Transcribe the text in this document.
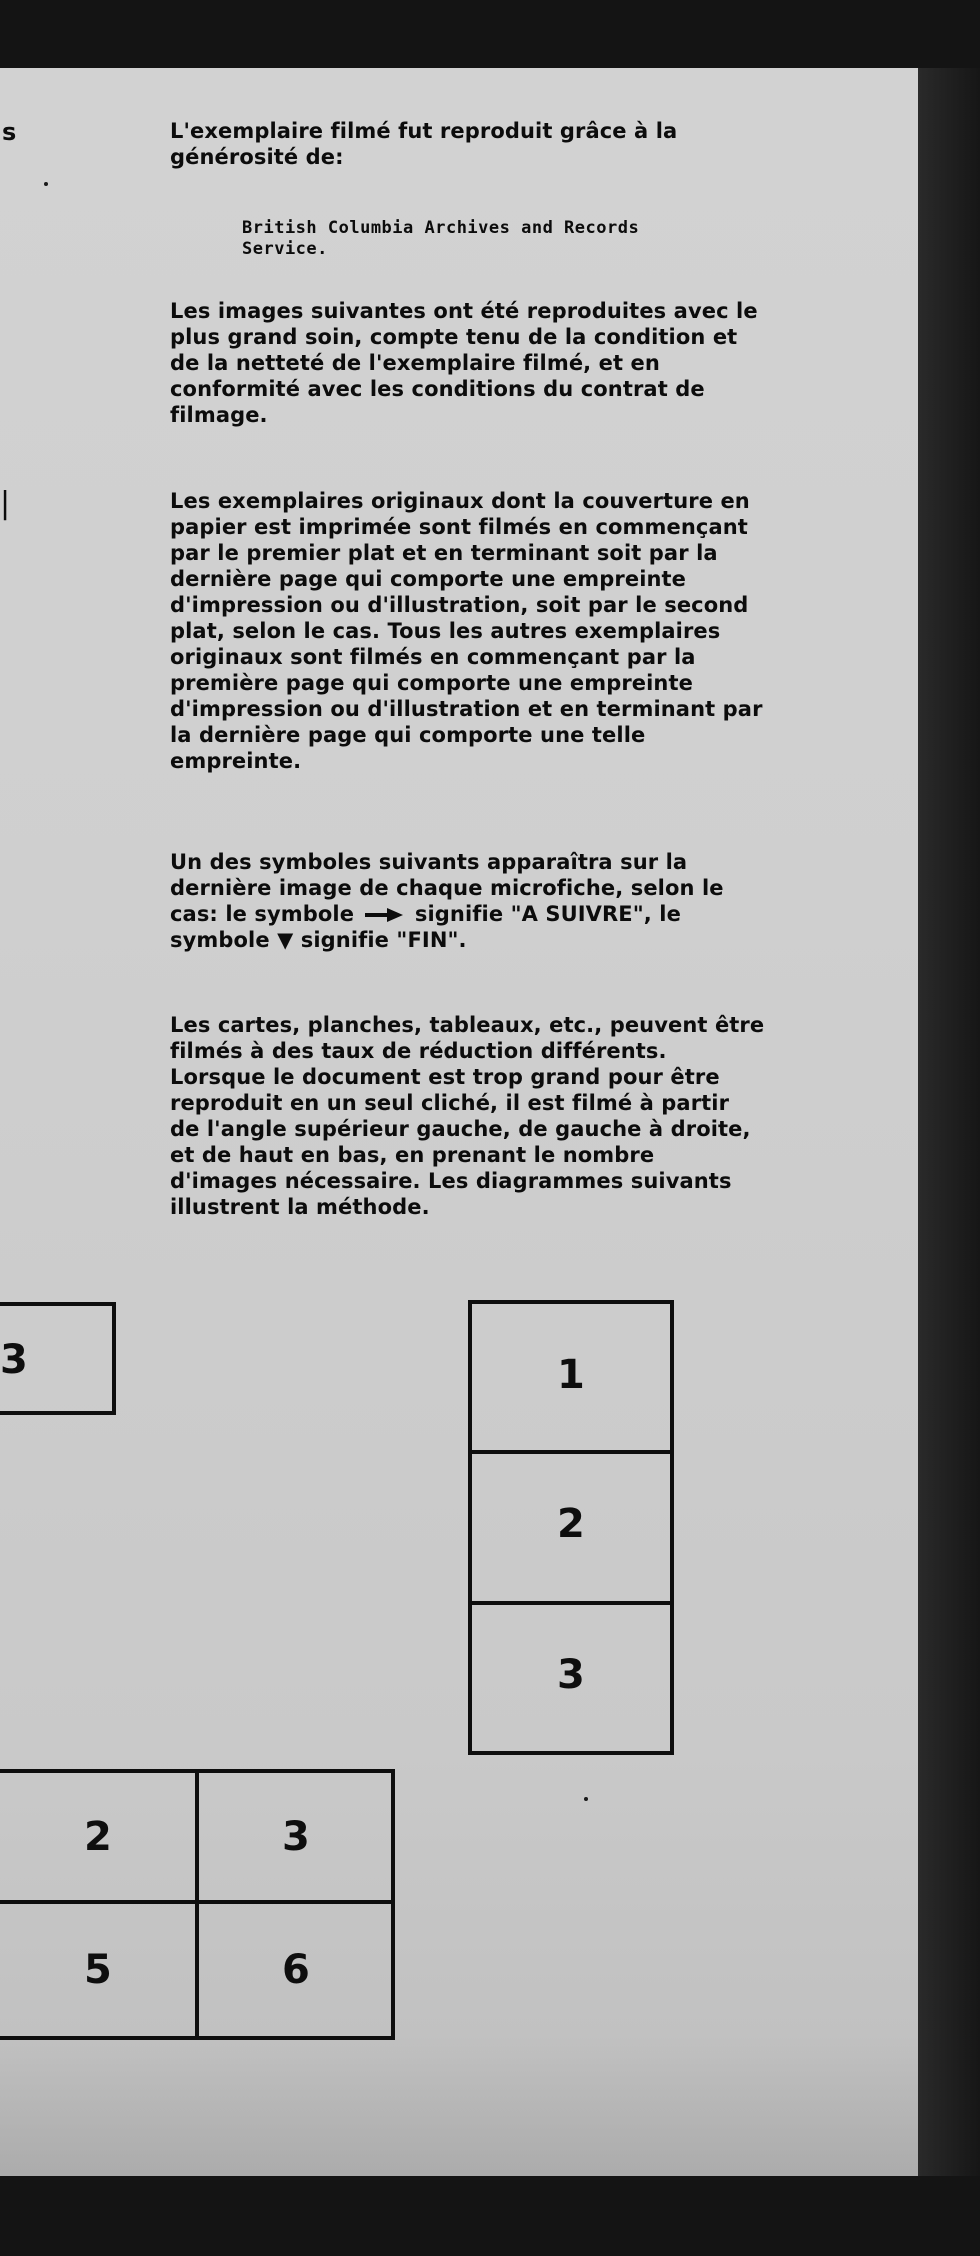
s
|

L'exemplaire filmé fut reproduit grâce à la

générosité de:

British Columbia Archives and Records

Service.

Les images suivantes ont été reproduites avec le

plus grand soin, compte tenu de la condition et

de la netteté de l'exemplaire filmé, et en

conformité avec les conditions du contrat de

filmage.

Les exemplaires originaux dont la couverture en

papier est imprimée sont filmés en commençant

par le premier plat et en terminant soit par la

dernière page qui comporte une empreinte

d'impression ou d'illustration, soit par le second

plat, selon le cas. Tous les autres exemplaires

originaux sont filmés en commençant par la

première page qui comporte une empreinte

d'impression ou d'illustration et en terminant par

la dernière page qui comporte une telle

empreinte.

Un des symboles suivants apparaîtra sur la

dernière image de chaque microfiche, selon le

cas: le symbole	signifie "A SUIVRE", le

symbole ▼ signifie "FIN".

Les cartes, planches, tableaux, etc., peuvent être

filmés à des taux de réduction différents.

Lorsque le document est trop grand pour être

reproduit en un seul cliché, il est filmé à partir

de l'angle supérieur gauche, de gauche à droite,

et de haut en bas, en prenant le nombre

d'images nécessaire. Les diagrammes suivants

illustrent la méthode.

3	1
2
3
2	3
5	6
